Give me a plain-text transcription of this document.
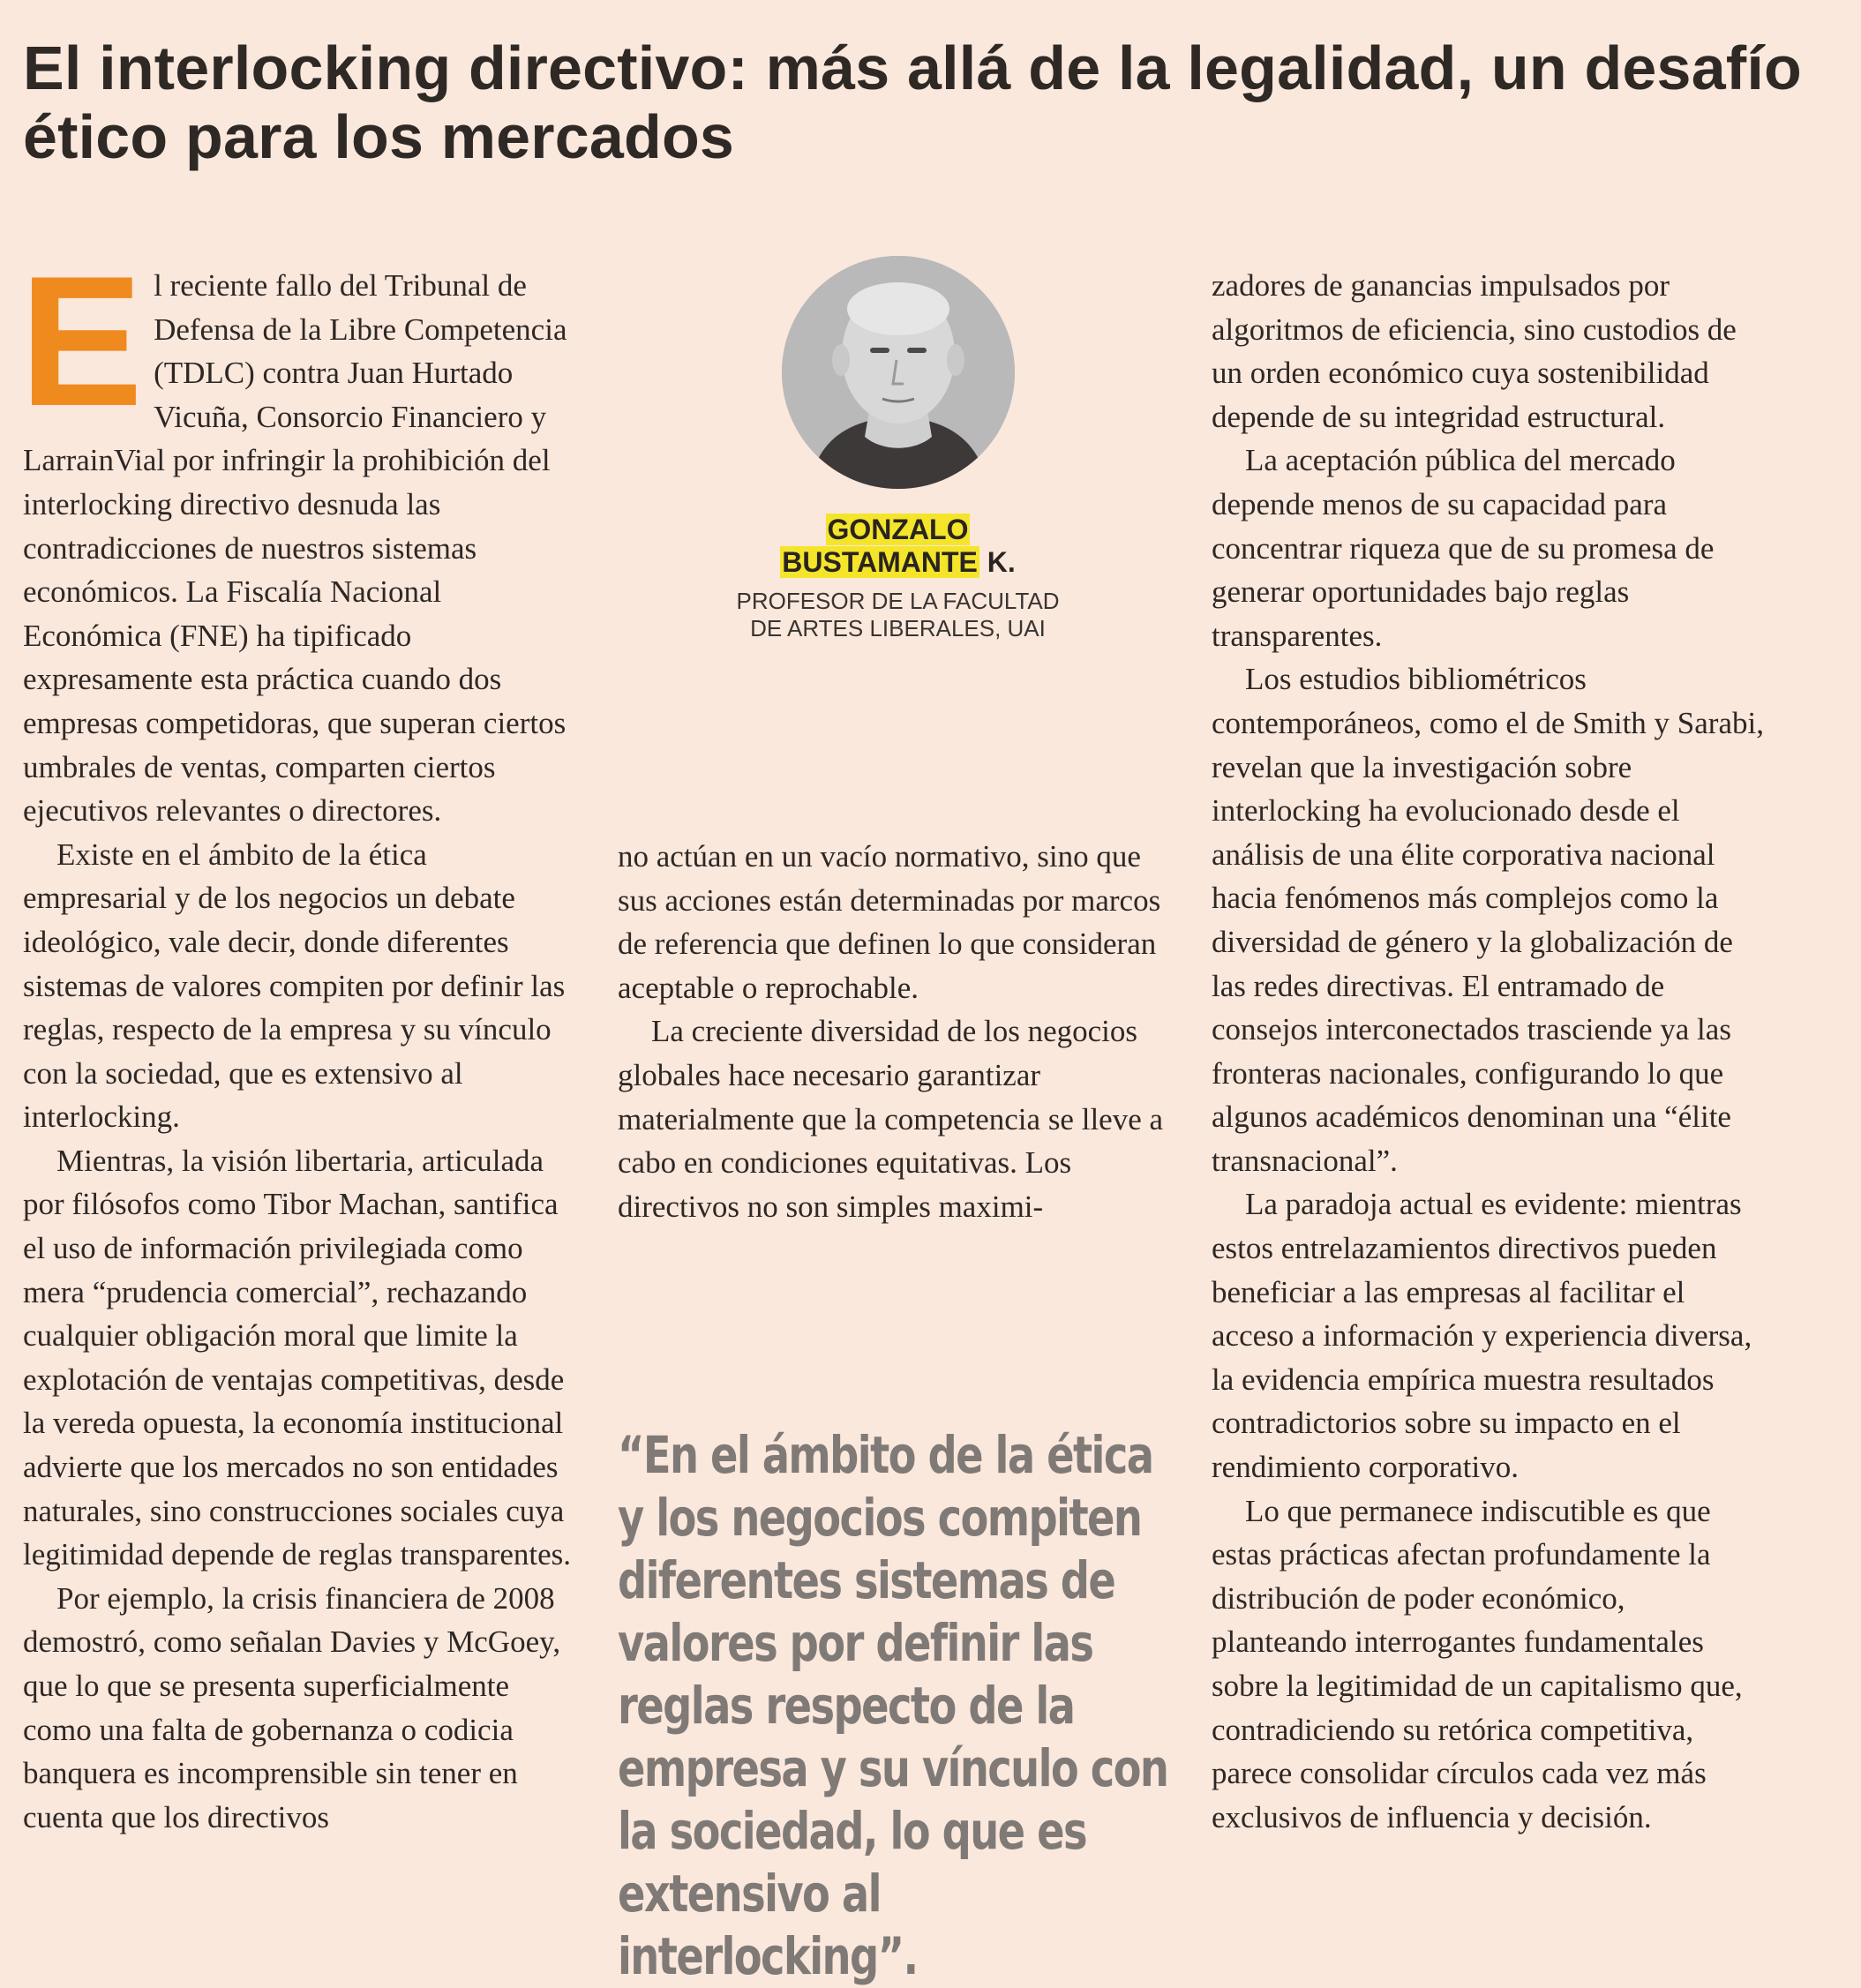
El interlocking directivo: más allá de la legalidad, un desafío ético para los mercados

El reciente fallo del Tribunal de Defensa de la Libre Competencia (TDLC) contra Juan Hurtado Vicuña, Consorcio Financiero y LarrainVial por infringir la prohibición del interlocking directivo desnuda las contradicciones de nuestros sistemas económicos. La Fiscalía Nacional Económica (FNE) ha tipificado expresamente esta práctica cuando dos empresas competidoras, que superan ciertos umbrales de ventas, comparten ciertos ejecutivos relevantes o directores.

Existe en el ámbito de la ética empresarial y de los negocios un debate ideológico, vale decir, donde diferentes sistemas de valores compiten por definir las reglas, respecto de la empresa y su vínculo con la sociedad, que es extensivo al interlocking.

Mientras, la visión libertaria, articulada por filósofos como Tibor Machan, santifica el uso de información privilegiada como mera “prudencia comercial”, rechazando cualquier obligación moral que limite la explotación de ventajas competitivas, desde la vereda opuesta, la economía institucional advierte que los mercados no son entidades naturales, sino construcciones sociales cuya legitimidad depende de reglas transparentes.

Por ejemplo, la crisis financiera de 2008 demostró, como señalan Davies y McGoey, que lo que se presenta superficialmente como una falta de gobernanza o codicia banquera es incomprensible sin tener en cuenta que los directivos

GONZALO
BUSTAMANTE K.
PROFESOR DE LA FACULTAD DE ARTES LIBERALES, UAI

no actúan en un vacío normativo, sino que sus acciones están determinadas por marcos de referencia que definen lo que consideran aceptable o reprochable.

La creciente diversidad de los negocios globales hace necesario garantizar materialmente que la competencia se lleve a cabo en condiciones equitativas. Los directivos no son simples maximi-

“En el ámbito de la ética y los negocios compiten diferentes sistemas de valores por definir las reglas respecto de la empresa y su vínculo con la sociedad, lo que es extensivo al interlocking”.

zadores de ganancias impulsados por algoritmos de eficiencia, sino custodios de un orden económico cuya sostenibilidad depende de su integridad estructural.

La aceptación pública del mercado depende menos de su capacidad para concentrar riqueza que de su promesa de generar oportunidades bajo reglas transparentes.

Los estudios bibliométricos contemporáneos, como el de Smith y Sarabi, revelan que la investigación sobre interlocking ha evolucionado desde el análisis de una élite corporativa nacional hacia fenómenos más complejos como la diversidad de género y la globalización de las redes directivas. El entramado de consejos interconectados trasciende ya las fronteras nacionales, configurando lo que algunos académicos denominan una “élite transnacional”.

La paradoja actual es evidente: mientras estos entrelazamientos directivos pueden beneficiar a las empresas al facilitar el acceso a información y experiencia diversa, la evidencia empírica muestra resultados contradictorios sobre su impacto en el rendimiento corporativo.

Lo que permanece indiscutible es que estas prácticas afectan profundamente la distribución de poder económico, planteando interrogantes fundamentales sobre la legitimidad de un capitalismo que, contradiciendo su retórica competitiva, parece consolidar círculos cada vez más exclusivos de influencia y decisión.
